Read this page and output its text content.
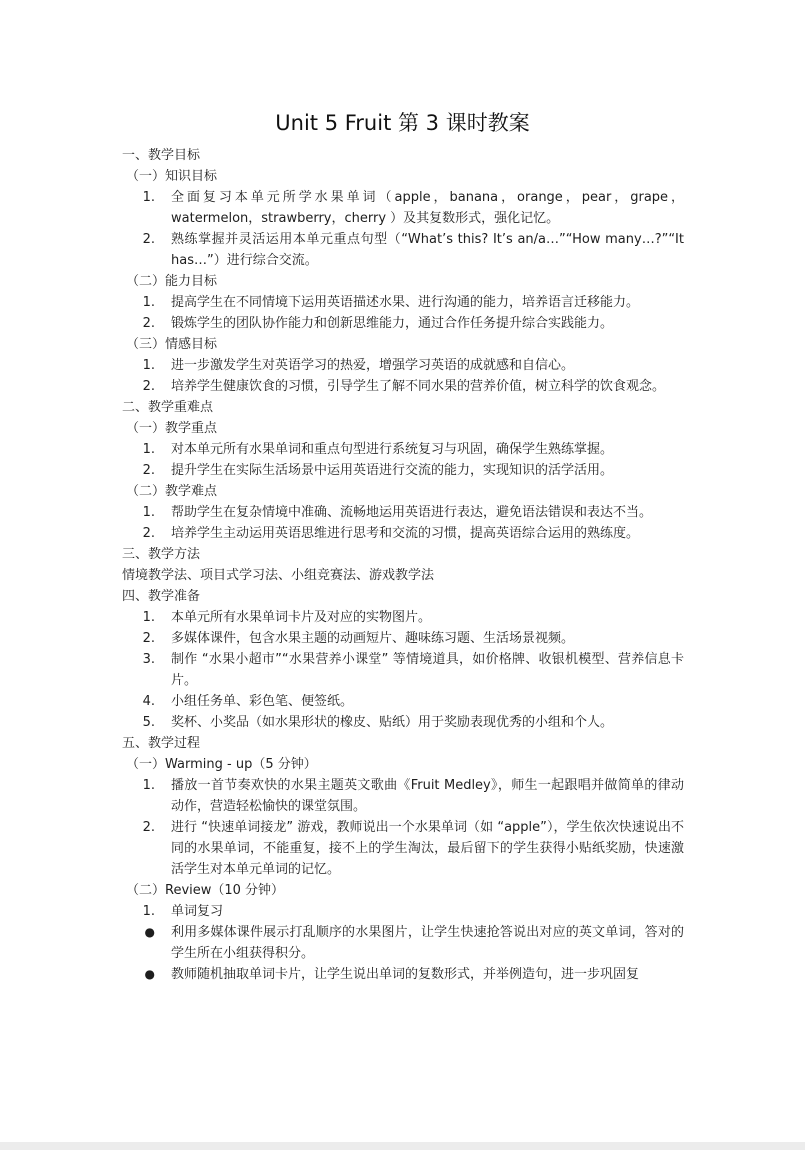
Unit 5 Fruit 第 3 课时教案
一、教学目标
（一）知识目标
1.	全面复习本单元所学水果单词（apple，banana，orange，pear，grape，watermelon，strawberry，cherry ）及其复数形式，强化记忆。
2.	熟练掌握并灵活运用本单元重点句型（“What’s this? It’s an/a…”“How many…?”“It has…”）进行综合交流。
（二）能力目标
1.	提高学生在不同情境下运用英语描述水果、进行沟通的能力，培养语言迁移能力。
2.	锻炼学生的团队协作能力和创新思维能力，通过合作任务提升综合实践能力。
（三）情感目标
1.	进一步激发学生对英语学习的热爱，增强学习英语的成就感和自信心。
2.	培养学生健康饮食的习惯，引导学生了解不同水果的营养价值，树立科学的饮食观念。
二、教学重难点
（一）教学重点
1.	对本单元所有水果单词和重点句型进行系统复习与巩固，确保学生熟练掌握。
2.	提升学生在实际生活场景中运用英语进行交流的能力，实现知识的活学活用。
（二）教学难点
1.	帮助学生在复杂情境中准确、流畅地运用英语进行表达，避免语法错误和表达不当。
2.	培养学生主动运用英语思维进行思考和交流的习惯，提高英语综合运用的熟练度。
三、教学方法
情境教学法、项目式学习法、小组竞赛法、游戏教学法
四、教学准备
1.	本单元所有水果单词卡片及对应的实物图片。
2.	多媒体课件，包含水果主题的动画短片、趣味练习题、生活场景视频。
3.	制作 “水果小超市”“水果营养小课堂” 等情境道具，如价格牌、收银机模型、营养信息卡片。
4.	小组任务单、彩色笔、便签纸。
5.	奖杯、小奖品（如水果形状的橡皮、贴纸）用于奖励表现优秀的小组和个人。
五、教学过程
（一）Warming - up（5 分钟）
1.	播放一首节奏欢快的水果主题英文歌曲《Fruit Medley》，师生一起跟唱并做简单的律动动作，营造轻松愉快的课堂氛围。
2.	进行 “快速单词接龙” 游戏，教师说出一个水果单词（如 “apple”），学生依次快速说出不同的水果单词，不能重复，接不上的学生淘汰，最后留下的学生获得小贴纸奖励，快速激活学生对本单元单词的记忆。
（二）Review（10 分钟）
1.	单词复习
●	利用多媒体课件展示打乱顺序的水果图片，让学生快速抢答说出对应的英文单词，答对的学生所在小组获得积分。
●	教师随机抽取单词卡片，让学生说出单词的复数形式，并举例造句，进一步巩固复
